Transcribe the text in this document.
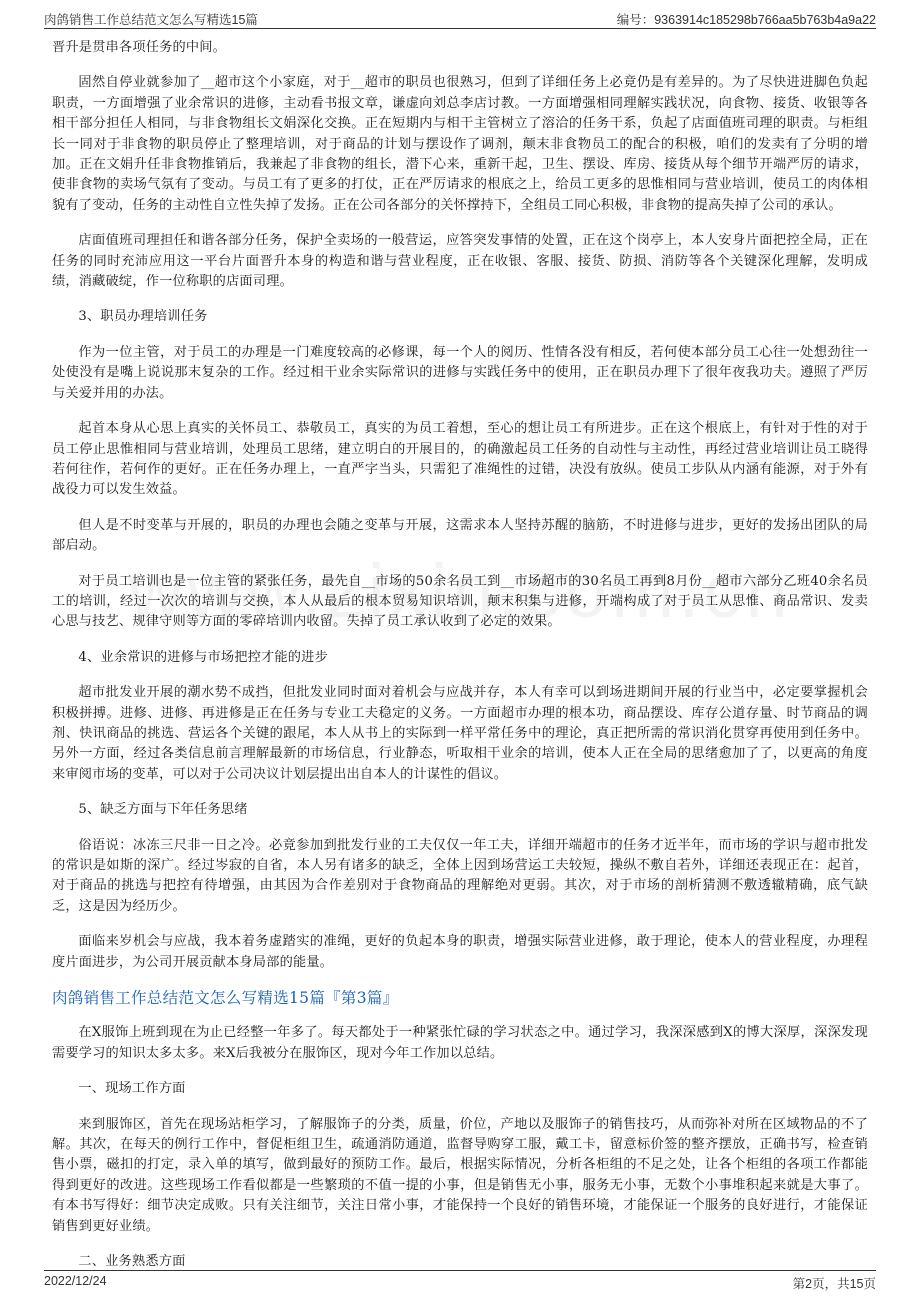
肉鸽销售工作总结范文怎么写精选15篇	编号：9363914c185298b766aa5b763b4a9a22

晋升是贯串各项任务的中间。

固然自停业就参加了__超市这个小家庭，对于__超市的职员也很熟习，但到了详细任务上必竟仍是有差异的。为了尽快进进脚色负起职责，一方面增强了业余常识的进修，主动看书报文章，谦虚向刘总李店讨教。一方面增强相同理解实践状况，向食物、接货、收银等各相干部分担任人相同，与非食物组长文娟深化交换。正在短期内与相干主管树立了溶洽的任务干系，负起了店面值班司理的职责。与柜组长一同对于非食物的职员停止了整理培训，对于商品的计划与摆设作了调剂，颠末非食物员工的配合的积极，咱们的发卖有了分明的增加。正在文娟升任非食物推销后，我兼起了非食物的组长，潜下心来，重新干起，卫生、摆设、库房、接货从每个细节开端严厉的请求，使非食物的卖场气氛有了变动。与员工有了更多的打仗，正在严厉请求的根底之上，给员工更多的思惟相同与营业培训，使员工的肉体相貌有了变动，任务的主动性自立性失掉了发扬。正在公司各部分的关怀撑持下，全组员工同心积极，非食物的提高失掉了公司的承认。

店面值班司理担任和谐各部分任务，保护全卖场的一般营运，应答突发事情的处置，正在这个岗亭上，本人安身片面把控全局，正在任务的同时充沛应用这一平台片面晋升本身的构造和谐与营业程度，正在收银、客服、接货、防损、消防等各个关键深化理解，发明成绩，消藏破绽，作一位称职的店面司理。

3、职员办理培训任务

作为一位主管，对于员工的办理是一门难度较高的必修课，每一个人的阅历、性情各没有相反，若何使本部分员工心往一处想劲往一处使没有是嘴上说说那末复杂的工作。经过相干业余实际常识的进修与实践任务中的使用，正在职员办理下了很年夜我功夫。遵照了严厉与关爱并用的办法。

起首本身从心思上真实的关怀员工、恭敬员工，真实的为员工着想，至心的想让员工有所进步。正在这个根底上，有针对于性的对于员工停止思惟相同与营业培训，处理员工思绪，建立明白的开展目的，的确激起员工任务的自动性与主动性，再经过营业培训让员工晓得若何往作，若何作的更好。正在任务办理上，一直严字当头，只需犯了准绳性的过错，决没有放纵。使员工步队从内涵有能源，对于外有战役力可以发生效益。

但人是不时变革与开展的，职员的办理也会随之变革与开展，这需求本人坚持苏醒的脑筋，不时进修与进步，更好的发扬出团队的局部启动。

对于员工培训也是一位主管的紧张任务，最先自__市场的50余名员工到__市场超市的30名员工再到8月份__超市六部分乙班40余名员工的培训，经过一次次的培训与交换，本人从最后的根本贸易知识培训，颠末积集与进修，开端构成了对于员工从思惟、商品常识、发卖心思与技艺、规律守则等方面的零碎培训内收留。失掉了员工承认收到了必定的效果。

4、业余常识的进修与市场把控才能的进步

超市批发业开展的潮水势不成挡，但批发业同时面对着机会与应战并存，本人有幸可以到场进期间开展的行业当中，必定要掌握机会积极拼搏。进修、进修、再进修是正在任务与专业工夫稳定的义务。一方面超市办理的根本功，商品摆设、库存公道存量、时节商品的调剂、快讯商品的挑选、营运各个关键的跟尾，本人从书上的实际到一样平常任务中的理论，真正把所需的常识消化贯穿再使用到任务中。另外一方面，经过各类信息前言理解最新的市场信息，行业静态，听取相干业余的培训，使本人正在全局的思绪愈加了了，以更高的角度来审阅市场的变革，可以对于公司决议计划层提出出自本人的计谋性的倡议。

5、缺乏方面与下年任务思绪

俗语说：冰冻三尺非一日之冷。必竟参加到批发行业的工夫仅仅一年工夫，详细开端超市的任务才近半年，而市场的学识与超市批发的常识是如斯的深广。经过岑寂的自省，本人另有诸多的缺乏，全体上因到场营运工夫较短，操纵不敷自若外，详细还表现正在：起首，对于商品的挑选与把控有待增强，由其因为合作差别对于食物商品的理解绝对更弱。其次，对于市场的剖析猜测不敷透辙精确，底气缺乏，这是因为经历少。

面临来岁机会与应战，我本着务虚踏实的准绳，更好的负起本身的职责，增强实际营业进修，敢于理论，使本人的营业程度，办理程度片面进步，为公司开展贡献本身局部的能量。

肉鸽销售工作总结范文怎么写精选15篇『第3篇』

在X服饰上班到现在为止已经整一年多了。每天都处于一种紧张忙碌的学习状态之中。通过学习，我深深感到X的博大深厚，深深发现需要学习的知识太多太多。来X后我被分在服饰区，现对今年工作加以总结。

一、现场工作方面

来到服饰区，首先在现场站柜学习，了解服饰子的分类，质量，价位，产地以及服饰子的销售技巧，从而弥补对所在区域物品的不了解。其次，在每天的例行工作中，督促柜组卫生，疏通消防通道，监督导购穿工服，戴工卡，留意标价签的整齐摆放，正确书写，检查销售小票，磁扣的打定，录入单的填写，做到最好的预防工作。最后，根据实际情况，分析各柜组的不足之处，让各个柜组的各项工作都能得到更好的改进。这些现场工作看似都是一些繁琐的不值一提的小事，但是销售无小事，服务无小事，无数个小事堆积起来就是大事了。有本书写得好：细节决定成败。只有关注细节，关注日常小事，才能保持一个良好的销售环境，才能保证一个服务的良好进行，才能保证销售到更好业绩。

二、业务熟悉方面

2022/12/24	第2页，共15页
